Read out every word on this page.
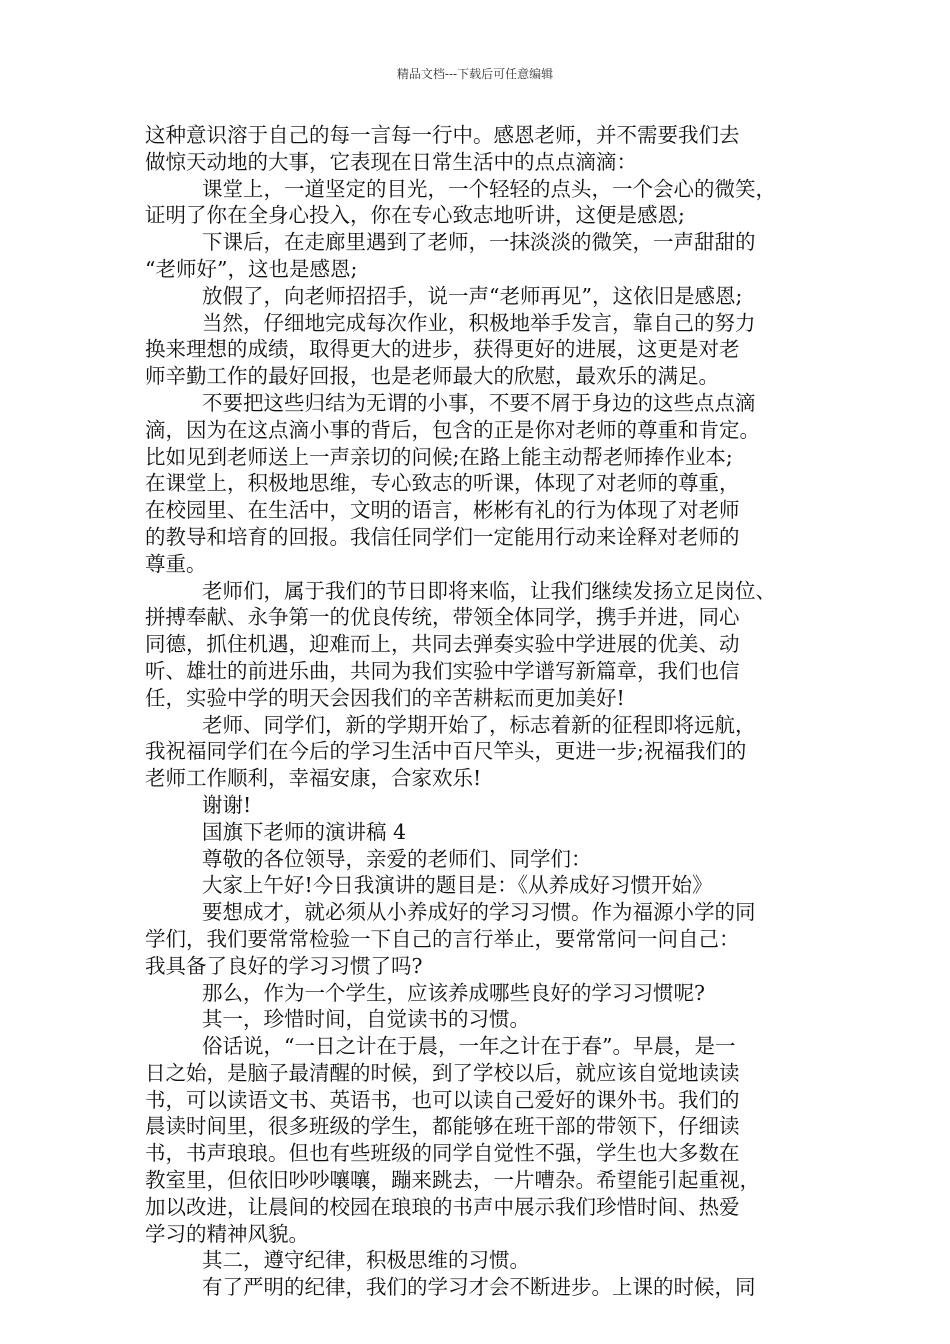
精品文档---下载后可任意编辑
这种意识溶于自己的每一言每一行中。感恩老师，并不需要我们去
做惊天动地的大事，它表现在日常生活中的点点滴滴：
课堂上，一道坚定的目光，一个轻轻的点头，一个会心的微笑，
证明了你在全身心投入，你在专心致志地听讲，这便是感恩;
下课后，在走廊里遇到了老师，一抹淡淡的微笑，一声甜甜的
“老师好”，这也是感恩;
放假了，向老师招招手，说一声“老师再见”，这依旧是感恩;
当然，仔细地完成每次作业，积极地举手发言，靠自己的努力
换来理想的成绩，取得更大的进步，获得更好的进展，这更是对老
师辛勤工作的最好回报，也是老师最大的欣慰，最欢乐的满足。
不要把这些归结为无谓的小事，不要不屑于身边的这些点点滴
滴，因为在这点滴小事的背后，包含的正是你对老师的尊重和肯定。
比如见到老师送上一声亲切的问候;在路上能主动帮老师捧作业本;
在课堂上，积极地思维，专心致志的听课，体现了对老师的尊重，
在校园里、在生活中，文明的语言，彬彬有礼的行为体现了对老师
的教导和培育的回报。我信任同学们一定能用行动来诠释对老师的
尊重。
老师们，属于我们的节日即将来临，让我们继续发扬立足岗位、
拼搏奉献、永争第一的优良传统，带领全体同学，携手并进，同心
同德，抓住机遇，迎难而上，共同去弹奏实验中学进展的优美、动
听、雄壮的前进乐曲，共同为我们实验中学谱写新篇章，我们也信
任，实验中学的明天会因我们的辛苦耕耘而更加美好!
老师、同学们，新的学期开始了，标志着新的征程即将远航，
我祝福同学们在今后的学习生活中百尺竿头，更进一步;祝福我们的
老师工作顺利，幸福安康，合家欢乐!
谢谢!
国旗下老师的演讲稿 4
尊敬的各位领导，亲爱的老师们、同学们：
大家上午好!今日我演讲的题目是：《从养成好习惯开始》
要想成才，就必须从小养成好的学习习惯。作为福源小学的同
学们，我们要常常检验一下自己的言行举止，要常常问一问自己：
我具备了良好的学习习惯了吗?
那么，作为一个学生，应该养成哪些良好的学习习惯呢?
其一，珍惜时间，自觉读书的习惯。
俗话说，“一日之计在于晨，一年之计在于春”。早晨，是一
日之始，是脑子最清醒的时候，到了学校以后，就应该自觉地读读
书，可以读语文书、英语书，也可以读自己爱好的课外书。我们的
晨读时间里，很多班级的学生，都能够在班干部的带领下，仔细读
书，书声琅琅。但也有些班级的同学自觉性不强，学生也大多数在
教室里，但依旧吵吵嚷嚷，蹦来跳去，一片嘈杂。希望能引起重视，
加以改进，让晨间的校园在琅琅的书声中展示我们珍惜时间、热爱
学习的精神风貌。
其二，遵守纪律，积极思维的习惯。
有了严明的纪律，我们的学习才会不断进步。上课的时候，同
